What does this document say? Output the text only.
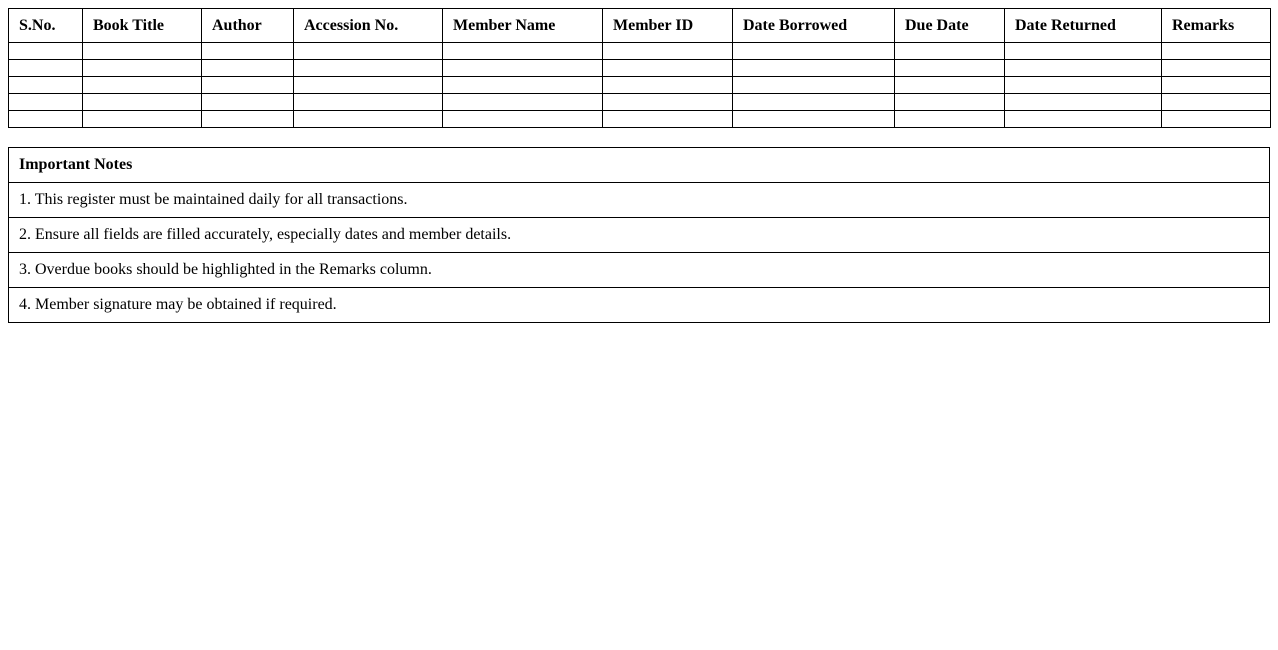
S.No.	Book Title	Author	Accession No.	Member Name	Member ID	Date Borrowed	Due Date	Date Returned	Remarks

Important Notes
1. This register must be maintained daily for all transactions.
2. Ensure all fields are filled accurately, especially dates and member details.
3. Overdue books should be highlighted in the Remarks column.
4. Member signature may be obtained if required.
